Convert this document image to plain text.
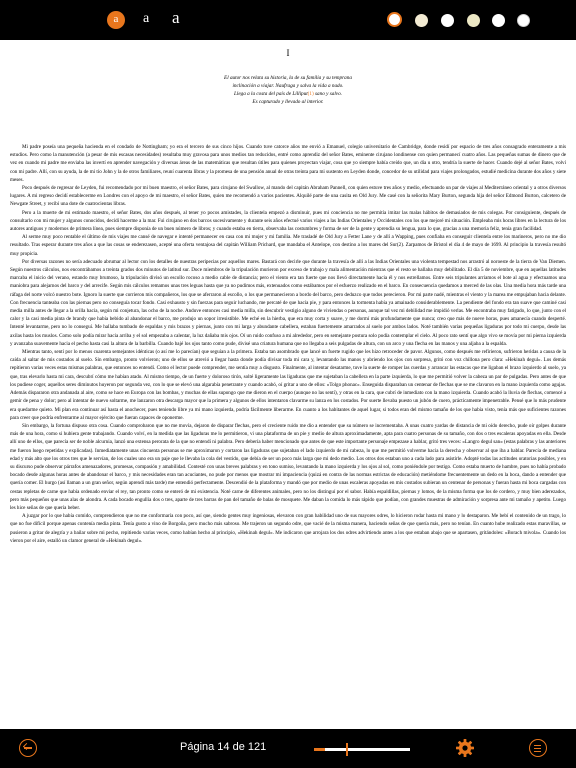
a	a a
I
El autor nos relata su historia, la de su familia y su temprana
inclinación a viajar. Naufraga y salva la vida a nado.
Llega a la costa del país de Lilliput(1) sano y salvo.
Es capturado y llevado al interior.

Mi padre poseía una pequeña hacienda en el condado de Nottingham; yo era el tercero de sus cinco hijos. Cuando tuve catorce años me envió a Emanuel, colegio universitario de Cambridge, donde residí por espacio de tres años consagrado enteramente a mis estudios. Pero como la manutención (a pesar de mis escasas necesidades) resultaba muy gravosa para unos medios tan reducidos, entré como aprendiz del señor Bates, eminente cirujano londinense con quien permanecí cuatro años. Las pequeñas sumas de dinero que de vez en cuando mi padre me enviaba las invertí en aprender navegación y diversas áreas de las matemáticas que resultan útiles para quienes proyectan viajar, cosa que yo siempre había creído que, un día u otro, tendría la suerte de hacer. Cuando dejé al señor Bates, volví con mi padre. Allí, con su ayuda, la de mi tío John y la de otros familiares, reuní cuarenta libras y la promesa de una pensión anual de otras treinta para mi sustento en Leyden donde, concedor de su utilidad para viajes prolongados, estudié medicina durante dos años y siete meses.

Poco después de regresar de Leyden, fui recomendado por mi buen maestro, el señor Bates, para cirujano del Swallow, al mando del capitán Abraham Pannell, con quien estuve tres años y medio, efectuando un par de viajes al Mediterráneo oriental y a otros diversos lugares. A mi regreso decidí establecerme en Londres con el apoyo de mi maestro, el señor Bates, quien me recomendó a varios pacientes. Alquilé parte de una casita en Old Jury. Me casé con la señorita Mary Burton, segunda hija del señor Edmond Burton, calcetero de Newgate Street, y recibí una dote de cuatrocientas libras.

Pero a la muerte de mi estimado maestro, el señor Bates, dos años después, al tener yo pocos amistades, la clientela empezó a disminuir, pues mi conciencia no me permitía imitar las malas hábitos de demasiados de mis colegas. Por consiguiente, después de consultarlo con mi mujer y algunos conocidos, decidí hacerme a la mar. Fui cirujano en dos barcos sucesivamente y durante seis años efectué varios viajes a las Indias Orientales y Occidentales con los que mejoré mi situación. Empleaba mis horas libres en la lectura de los autores antiguos y modernos de primera línea, pues siempre disponía de un buen número de libros; y cuando estaba en tierra, observaba las costumbres y forma de ser de la gente y aprendía su lengua, para lo que, gracias a una memoria feliz, tenía gran facilidad.

Al serme muy poco rentable el último de mis viajes me cansé de navegar e intenté permanecer en casa con mi mujer y mi familia. Me trasladé de Old Jury a Fetter Lane y de allí a Wapping, pues confiaba en conseguir clientela entre los marineros, pero no me dio resultado. Tras esperar durante tres años a que las cosas se enderezasen, acepté una oferta ventajosa del capitán William Prichard, que mandaba el Antelope, con destino a los mares del Sur(2). Zarpamos de Bristol el día 4 de mayo de 1699. Al principio la travesía resultó muy propicia.

Por diversas razones no sería adecuado abrumar al lector con los detalles de nuestras peripecias por aquellos mares. Bastará con decirle que durante la travesía de allí a las Indias Orientales una violenta tempestad nos arrastró al noroeste de la tierra de Van Diemen. Según nuestros cálculos, nos encontrábamos a treinta grados dos minutos de latitud sur. Doce miembros de la tripulación murieron por exceso de trabajo y mala alimentación mientras que el resto se hallaba muy debilitado. El día 5 de noviembre, que en aquellas latitudes marcaba el inicio del verano, estando muy brumoso, la tripulación divisó un escollo rocoso a medio cable de distancia; pero el viento era tan fuerte que nos llevó directamente hacia él y nos estrellamos. Entre seis tripulantes arriamos el bote al agua y efectuamos una maniobra para alejarnos del barco y del arrecife. Según mis cálculos remamos unas tres leguas hasta que ya no pudimos más, extenuados como estábamos por el esfuerzo realizado en el barco. En consecuencia quedamos a merced de las olas. Una media hora más tarde una ráfaga del norte volcó nuestro bote. Ignoro la suerte que corrieron mis compañeros, los que se aferraron al escollo, o los que permanecieron a bordo del barco, pero deduzco que todos perecieron. Por mi parte nadé, mientras el viento y la marea me empujaban hacia delante. Con frecuencia tanteaba con las piernas pero no conseguía tocar fondo. Casi exhausto y sin fuerzas para seguir luchando, me percaté de que hacía pie, y para entonces la tormenta había ya amainado considerablemente. La pendiente del fondo era tan suave que caminé casi media milla antes de llegar a la orilla hacia, según mi conjetura, las ocho de la noche. Anduve entonces casi media milla, sin descubrir vestigio alguno de viviendas o personas, aunque tal vez mi debilidad me impidió verlas. Me encontraba muy fatigado, lo que, junto con el calor y la casi media pinta de brandy que había bebido al abandonar el barco, me produjo un sopor irresistible. Me eché en la hierba, que era muy corta y suave, y me dormí más profundamente que nunca; creo que más de nueve horas, pues amanecía cuando desperté. Intenté levantarme, pero no lo conseguí. Me hallaba tumbado de espaldas y mis brazos y piernas, junto con mi larga y abundante cabellera, estaban fuertemente amarrados al suelo por ambos lados. Noté también varias pequeñas ligaduras por todo mi cuerpo, desde las axilas hasta los muslos. Como solo podía mirar hacia arriba y el sol empezaba a calentar, la luz dañaba mis ojos. Oí un ruido confuso a mi alrededor, pero en semejante postura solo podía contemplar el cielo. Al poco rato sentí que algo vivo se movía por mi pierna izquierda y avanzaba suavemente hacia el pecho hasta casi la altura de la barbilla. Cuando bajé los ojos tanto como pude, divisé una criatura humana que no llegaba a seis pulgadas de altura, con un arco y una flecha en las manos y una aljaba a la espalda.

Mientras tanto, sentí por lo menos cuarenta semejantes idénticas (o así me lo parecían) que seguían a la primera. Estaba tan asombrado que lancé un fuerte rugido que les hizo retroceder de pavor. Algunos, como después me refirieron, sufrieron heridas a causa de la caída al saltar de mis costados al suelo. Sin embargo, pronto volvieron; uno de ellos se atrevió a llegar hasta donde podía divisar toda mi cara y, levantando las manos y abriendo los ojos con sorpresa, gritó con voz chillona pero clara: «Hekinah degul». Los demás repitieron varias veces estas mismas palabras, que entonces no entendí. Como el lector puede comprender, me sentía muy a disgusto. Finalmente, al intentar desatarme, tuve la suerte de romper las cuerdas y arrancar las estacas que me ligaban el brazo izquierdo al suelo, ya que, tras elevarlo hasta mi cara, descubrí cómo me habían atado. Al mismo tiempo, de un fuerte y doloroso tirón, solté ligeramente las ligaduras que me sujetaban la cabellera en la parte izquierda, lo que me permitió volver la cabeza un par de pulgadas. Pero antes de que los pudiese coger, aquellos seres diminutos huyeron por segunda vez, con lo que se elevó una algarabía penetrante y cuando acabó, oí gritar a uno de ellos: «Tolgo phonac». Enseguida disparaban un centenar de flechas que se me clavaron en la mano izquierda como agujas. Además dispararon otra andanada al aire, como se hace en Europa con las bombas, y muchas de ellas supongo que me dieron en el cuerpo (aunque no las sentí), y otras en la cara, que cubrí de inmediato con la mano izquierda. Cuando acabó la lluvia de flechas, comencé a gemir de pena y dolor; pero al intentar de nuevo soltarme, me lanzaron otra descarga mayor que la primera y algunos de ellos intentaron clavarme su lanza en los costados. Por suerte llevaba puesto un jubón de cuero, prácticamente impenetrable. Pensé que lo más prudente era quedarme quieto. Mi plan era continuar así hasta el anochecer, pues teniendo libre ya mi mano izquierda, podría fácilmente liberarme. En cuanto a los habitantes de aquel lugar, si todos eran del mismo tamaño de los que había visto, tenía más que suficientes razones para creer que podría enfrentarme al mayor ejército que fueran capaces de oponerme.

Sin embargo, la fortuna dispuso otra cosa. Cuando comprobaron que no me movía, dejaron de disparar flechas, pero el creciente ruido me dio a entender que su número se incrementaba. A unas cuatro yardas de distancia de mi oído derecho, pude oír golpes durante más de una hora, como si hubiera gente trabajando. Cuando volví, en la medida que las ligaduras me lo permitieron, vi una plataforma de un pie y medio de altura aproximadamente, apta para cuatro personas de su tamaño, con dos o tres escaleras apoyadas en ella. Desde allí uno de ellos, que parecía ser de noble alcurnia, lanzó una extensa perorata de la que no entendí ni palabra. Pero debería haber mencionado que antes de que este importante personaje empezase a hablar, gritó tres veces: «Langro degul san» (estas palabras y las anteriores me fueron luego repetidas y explicadas). Inmediatamente unas cincuenta personas se me aproximaron y cortaron las ligaduras que sujetaban el lado izquierdo de mi cabeza, lo que me permitió volverme hacia la derecha y observar al que iba a hablar. Parecía de mediana edad y más alto que los otros tres que le servían, de los cuales uno era un paje que le llevaba la cola del vestido, que debía de ser un poco más larga que mi dedo medio. Los otros dos estaban uno a cada lado para asistirle. Adopté todas las actitudes oratorias posibles, y en su discurso pude observar párrafos amenazadores, promesas, compasión y amabilidad. Contesté con unas breves palabras y en tono sumiso, levantando la mano izquierda y los ojos al sol, como poniéndole por testigo. Como estaba muerto de hambre, pues no había probado bocado desde algunas horas antes de abandonar el barco, y mis necesidades eran tan acuciantes, no pude por menos que mostrar mi impaciencia (quizá en contra de las normas estrictas de educación) metiéndome frecuentemente un dedo en la boca, dando a entender que quería comer. El hurgo (así llaman a un gran señor, según aprendí más tarde) me entendió perfectamente. Descendió de la plataforma y mandó que por medio de unas escaleras apoyadas en mis costados subieran un centenar de personas y fueran hasta mi boca cargadas con cestas repletas de carne que había ordenado enviar el rey, tan pronto como se enteró de mi existencia. Noté carne de diferentes animales, pero no los distinguí por el sabor. Había espaldillas, piernas y lomos, de la misma forma que los de cordero, y muy bien aderezados, pero más pequeños que unas alas de alondra. A cada bocado engullía dos o tres, aparte de tres barras de pan del tamaño de balas de mosquete. Me daban la comida lo más rápido que podían, con grandes muestras de admiración y sorpresa ante mi tamaño y apetito. Luego les hice señas de que quería beber.

A juzgar por lo que había comido, comprendieron que no me conformaría con poco, así que, siendo gentes muy ingeniosas, elevaron con gran habilidad uno de sus mayores odres, lo hicieron rodar hasta mi mano y lo destaparon. Me bebí el contenido de un trago, lo que no fue difícil porque apenas contenía media pinta. Tenía gusto a vino de Borgoña, pero mucho más sabroso. Me trajeron un segundo odre, que vacié de la misma manera, haciendo señas de que quería más, pero no tenían. En cuanto hube realizado estas maravillas, se pusieron a gritar de alegría y a bailar sobre mi pecho, repitiendo varias veces, como habían hecho al principio, «Hekinah degul». Me indicaron que arrojara los dos odres advirtiendo antes a los que estaban abajo que se apartasen, gritándoles: «Borach mivola». Cuando los vieron por el aire, estalló un clamor general de «Hekinah degul».

Página 14 de 121
